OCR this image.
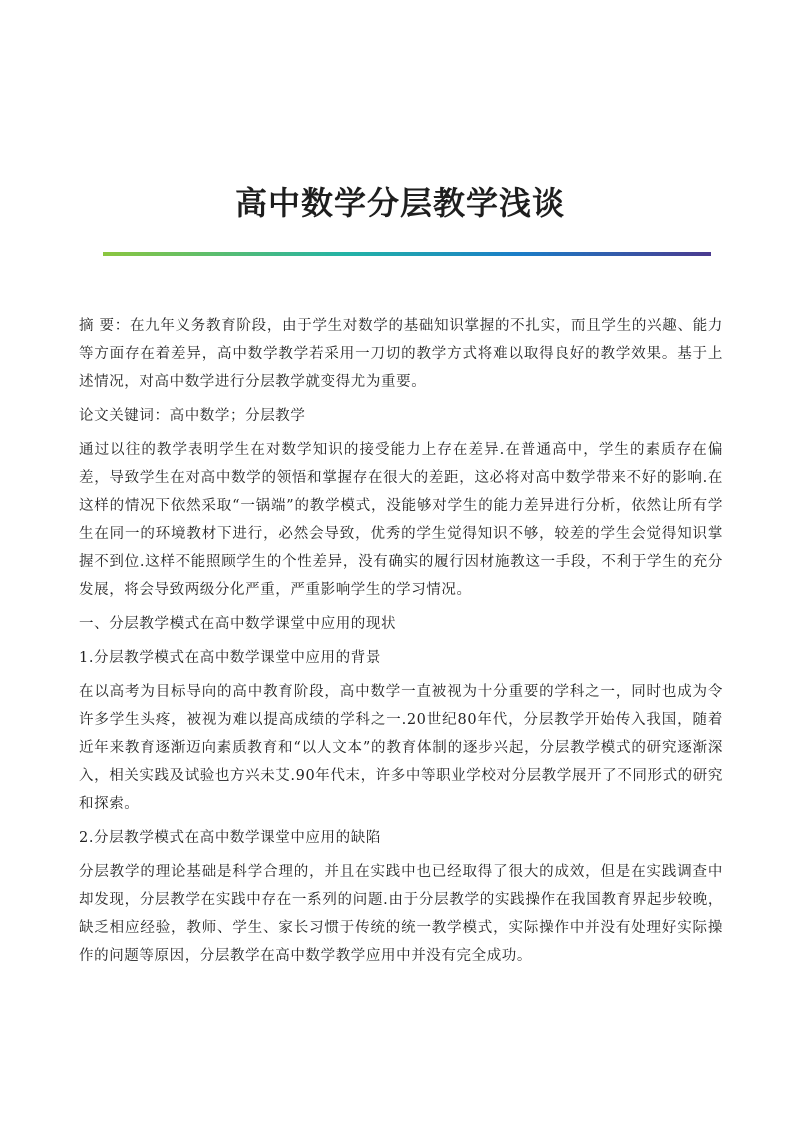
高中数学分层教学浅谈

摘 要：在九年义务教育阶段，由于学生对数学的基础知识掌握的不扎实，而且学生的兴趣、能力等方面存在着差异，高中数学教学若采用一刀切的教学方式将难以取得良好的教学效果。基于上述情况，对高中数学进行分层教学就变得尤为重要。

论文关键词：高中数学；分层教学

通过以往的教学表明学生在对数学知识的接受能力上存在差异.在普通高中，学生的素质存在偏差，导致学生在对高中数学的领悟和掌握存在很大的差距，这必将对高中数学带来不好的影响.在这样的情况下依然采取“一锅端”的教学模式，没能够对学生的能力差异进行分析，依然让所有学生在同一的环境教材下进行，必然会导致，优秀的学生觉得知识不够，较差的学生会觉得知识掌握不到位.这样不能照顾学生的个性差异，没有确实的履行因材施教这一手段，不利于学生的充分发展，将会导致两级分化严重，严重影响学生的学习情况。

一、分层教学模式在高中数学课堂中应用的现状

1.分层教学模式在高中数学课堂中应用的背景

在以高考为目标导向的高中教育阶段，高中数学一直被视为十分重要的学科之一，同时也成为令许多学生头疼，被视为难以提高成绩的学科之一.20世纪80年代，分层教学开始传入我国，随着近年来教育逐渐迈向素质教育和“以人文本”的教育体制的逐步兴起，分层教学模式的研究逐渐深入，相关实践及试验也方兴未艾.90年代末，许多中等职业学校对分层教学展开了不同形式的研究和探索。

2.分层教学模式在高中数学课堂中应用的缺陷

分层教学的理论基础是科学合理的，并且在实践中也已经取得了很大的成效，但是在实践调查中却发现，分层教学在实践中存在一系列的问题.由于分层教学的实践操作在我国教育界起步较晚，缺乏相应经验，教师、学生、家长习惯于传统的统一教学模式，实际操作中并没有处理好实际操作的问题等原因，分层教学在高中数学教学应用中并没有完全成功。
